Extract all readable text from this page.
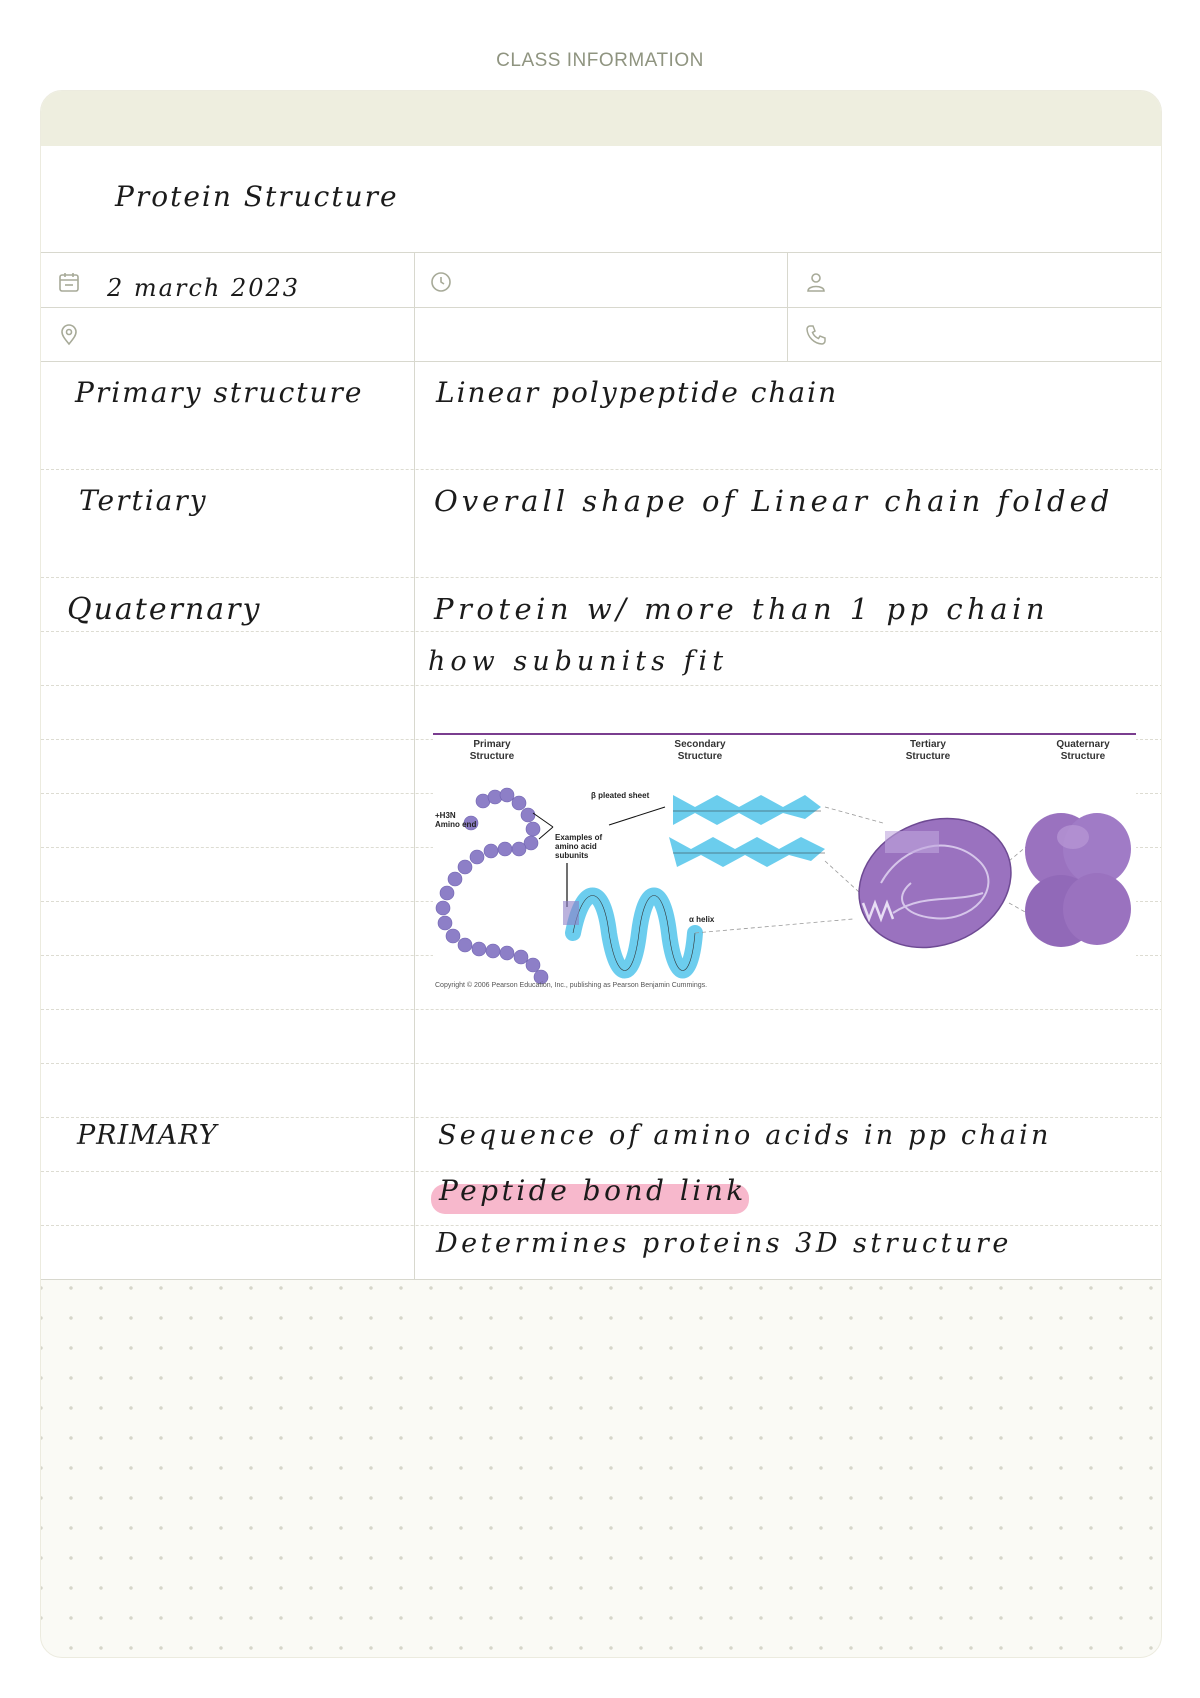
CLASS INFORMATION
Protein Structure
2 march 2023
Primary structure
Tertiary
Quaternary
PRIMARY
Linear polypeptide chain
Overall shape of Linear chain folded
Protein w/ more than 1 pp chain
how subunits fit
Sequence of amino acids in pp chain
Peptide bond link
Determines proteins 3D structure
Primary
Structure
Secondary
Structure
Tertiary
Structure
Quaternary
Structure
β pleated sheet
+H3N
Amino end
Examples of
amino acid
subunits
α helix
Copyright © 2006 Pearson Education, Inc., publishing as Pearson Benjamin Cummings.
